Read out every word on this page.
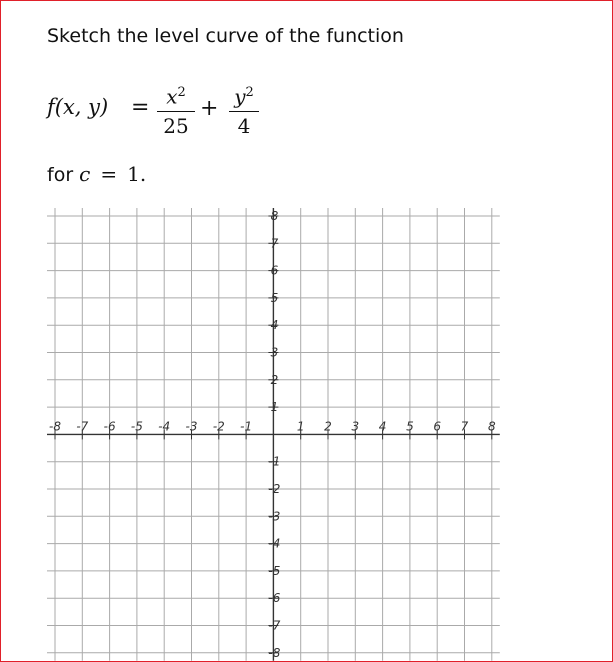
Sketch the level curve of the function
f(x, $y) = x^2$
25
+ $y^2$
4
for c = 1.
-8 -7 -6 -5 -4 -3 -2 -1	1 2 3 4 5 6 7 8
8
7
6
5
4
3
2
1
-1
-2
-3
-4
-5
-6
-7
-8
